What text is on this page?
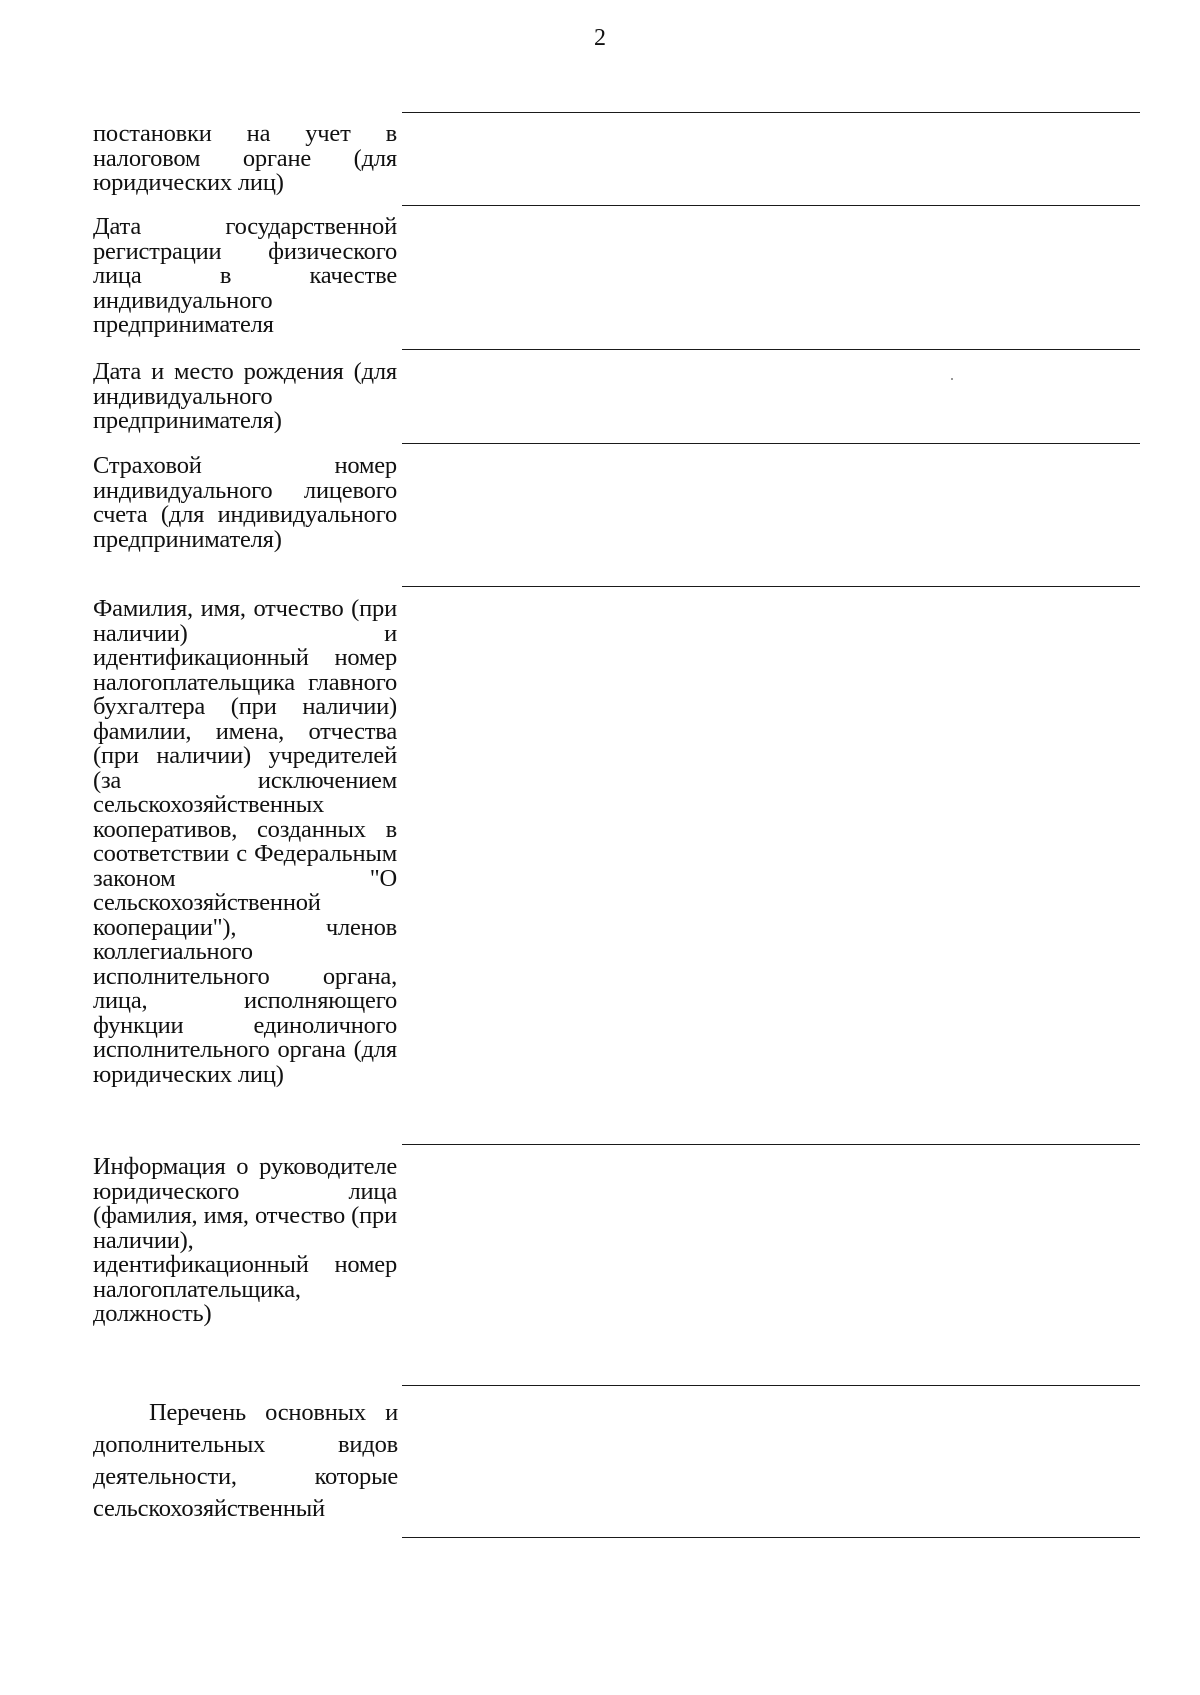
2
постановки на учет в налоговом органе (для юридических лиц)
Дата государственной регистрации физического лица в качестве индивидуального предпринимателя
Дата и место рождения (для индивидуального предпринимателя)
Страховой номер индивидуального лицевого счета (для индивидуального предпринимателя)
Фамилия, имя, отчество (при наличии) и идентификационный номер налогоплательщика главного бухгалтера (при наличии) фамилии, имена, отчества (при наличии) учредителей (за исключением сельскохозяйственных кооперативов, созданных в соответствии с Федеральным законом "О сельскохозяйственной кооперации"), членов коллегиального исполнительного органа, лица, исполняющего функции единоличного исполнительного органа (для юридических лиц)
Информация о руководителе юридического лица (фамилия, имя, отчество (при наличии), идентификационный номер налогоплательщика, должность)
Перечень основных и дополнительных видов деятельности, которые сельскохозяйственный
